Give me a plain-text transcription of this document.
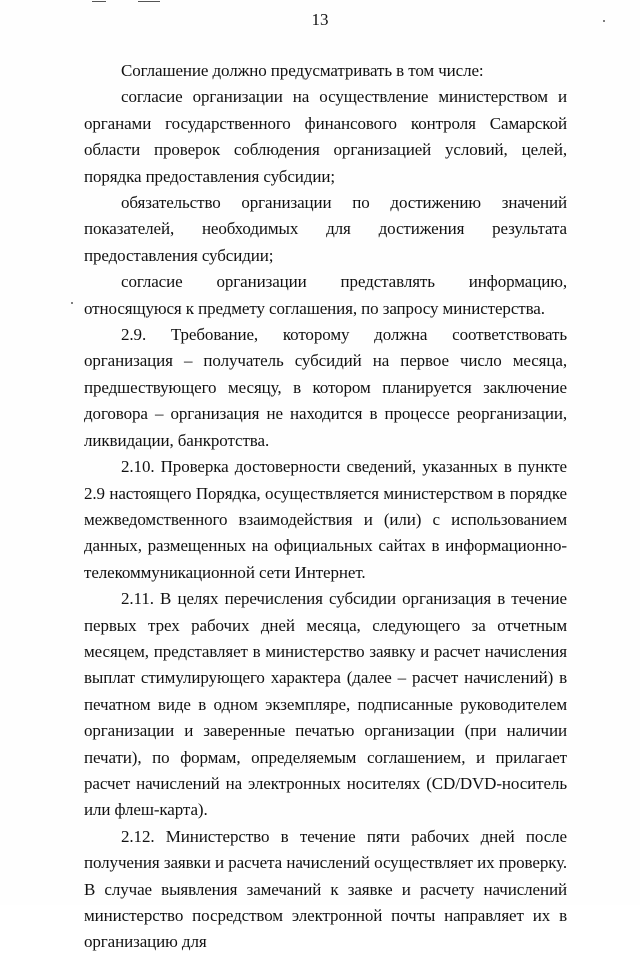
13

Соглашение должно предусматривать в том числе:

согласие организации на осуществление министерством и органами государственного финансового контроля Самарской области проверок соблюдения организацией условий, целей, порядка предоставления субсидии;

обязательство организации по достижению значений показателей, необходимых для достижения результата предоставления субсидии;

согласие организации представлять информацию, относящуюся к предмету соглашения, по запросу министерства.

2.9. Требование, которому должна соответствовать организация – получатель субсидий на первое число месяца, предшествующего месяцу, в котором планируется заключение договора – организация не находится в процессе реорганизации, ликвидации, банкротства.

2.10. Проверка достоверности сведений, указанных в пункте 2.9 настоящего Порядка, осуществляется министерством в порядке межведомственного взаимодействия и (или) с использованием данных, размещенных на официальных сайтах в информационно-телекоммуникационной сети Интернет.

2.11. В целях перечисления субсидии организация в течение первых трех рабочих дней месяца, следующего за отчетным месяцем, представляет в министерство заявку и расчет начисления выплат стимулирующего характера (далее – расчет начислений) в печатном виде в одном экземпляре, подписанные руководителем организации и заверенные печатью организации (при наличии печати), по формам, определяемым соглашением, и прилагает расчет начислений на электронных носителях (CD/DVD-носитель или флеш-карта).

2.12. Министерство в течение пяти рабочих дней после получения заявки и расчета начислений осуществляет их проверку. В случае выявления замечаний к заявке и расчету начислений министерство посредством электронной почты направляет их в организацию для
